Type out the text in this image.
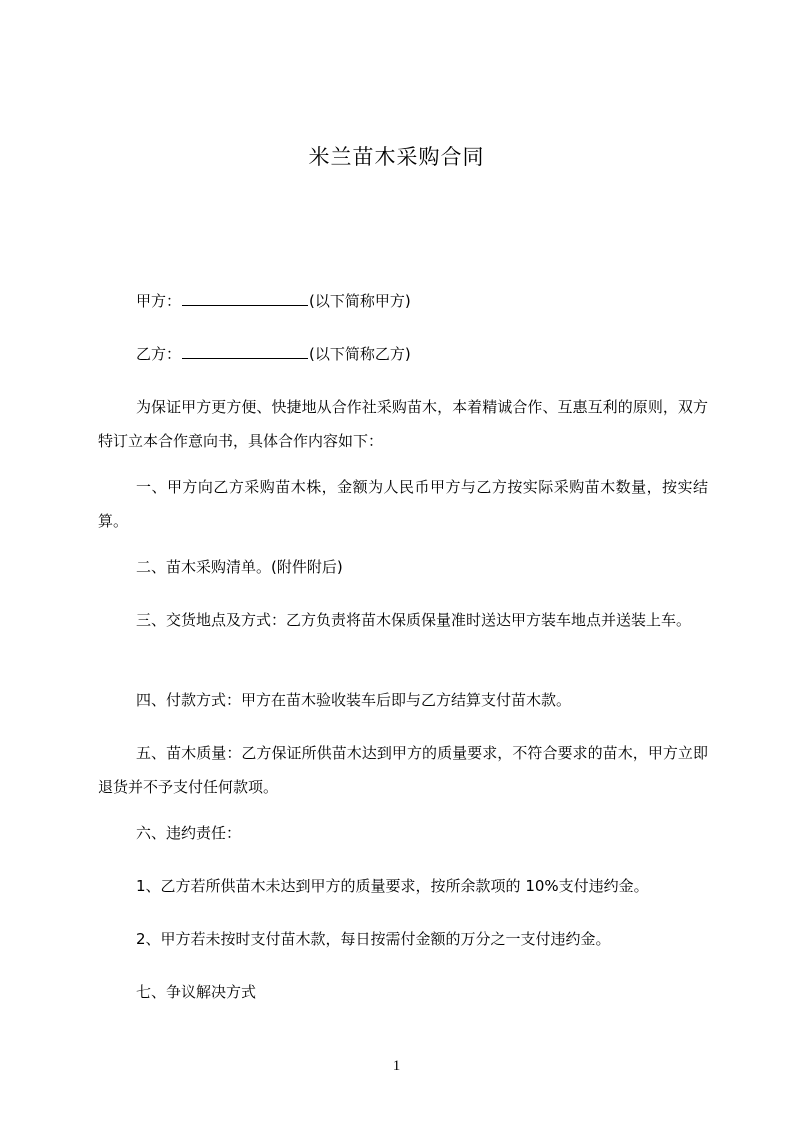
米兰苗木采购合同
甲方：	(以下简称甲方)
乙方：	(以下简称乙方)
为保证甲方更方便、快捷地从合作社采购苗木，本着精诚合作、互惠互利的原则，双方特订立本合作意向书，具体合作内容如下：
一、甲方向乙方采购苗木株，金额为人民币甲方与乙方按实际采购苗木数量，按实结算。
二、苗木采购清单。(附件附后)
三、交货地点及方式：乙方负责将苗木保质保量准时送达甲方装车地点并送装上车。
四、付款方式：甲方在苗木验收装车后即与乙方结算支付苗木款。
五、苗木质量：乙方保证所供苗木达到甲方的质量要求，不符合要求的苗木，甲方立即退货并不予支付任何款项。
六、违约责任：
1、乙方若所供苗木未达到甲方的质量要求，按所余款项的 10%支付违约金。
2、甲方若未按时支付苗木款，每日按需付金额的万分之一支付违约金。
七、争议解决方式
1
